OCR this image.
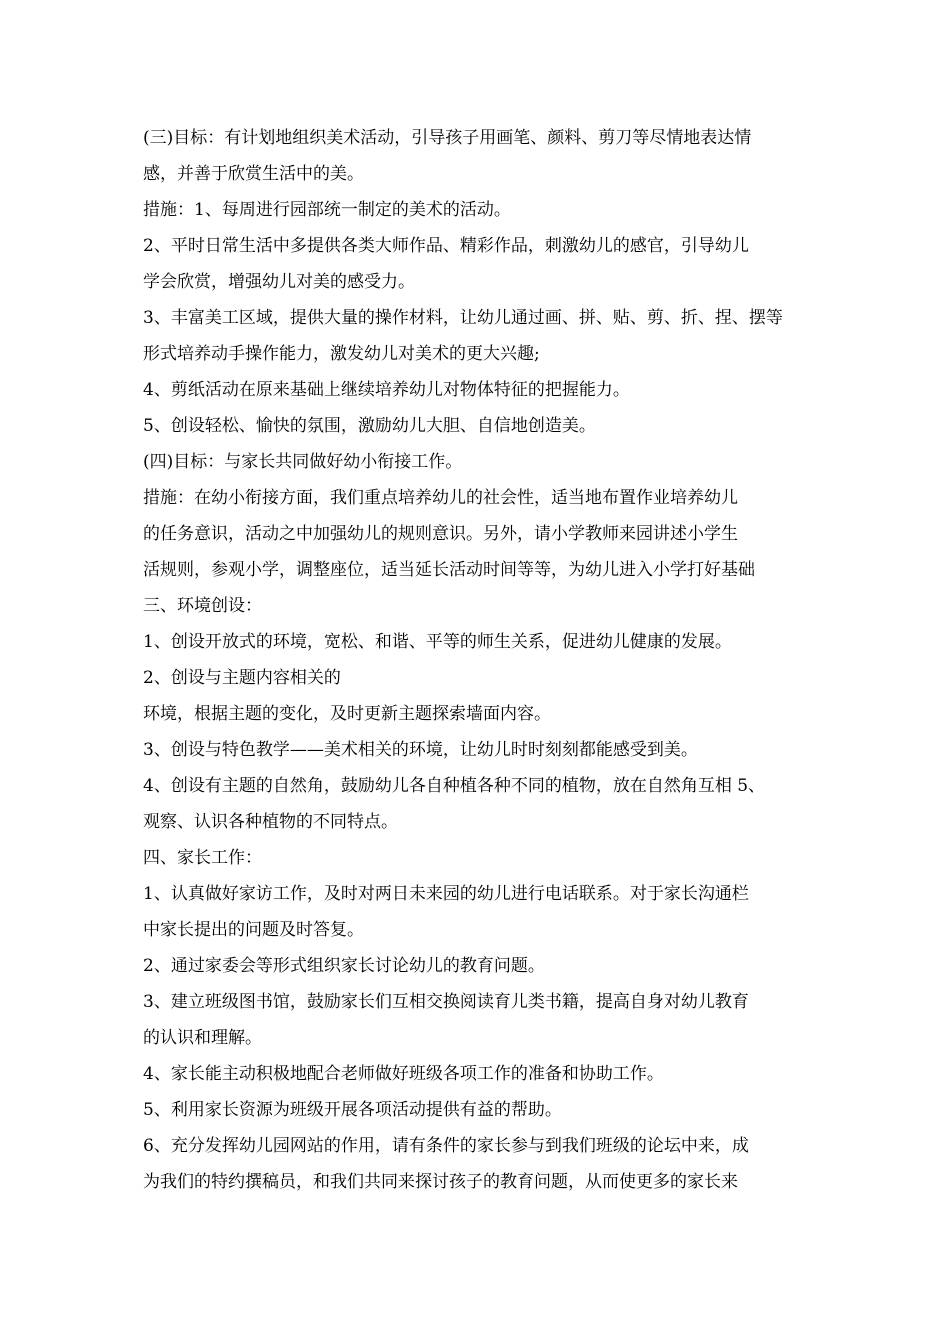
(三)目标：有计划地组织美术活动，引导孩子用画笔、颜料、剪刀等尽情地表达情
感，并善于欣赏生活中的美。
措施：1、每周进行园部统一制定的美术的活动。
2、平时日常生活中多提供各类大师作品、精彩作品，刺激幼儿的感官，引导幼儿
学会欣赏，增强幼儿对美的感受力。
3、丰富美工区域，提供大量的操作材料，让幼儿通过画、拼、贴、剪、折、捏、摆等
形式培养动手操作能力，激发幼儿对美术的更大兴趣;
4、剪纸活动在原来基础上继续培养幼儿对物体特征的把握能力。
5、创设轻松、愉快的氛围，激励幼儿大胆、自信地创造美。
(四)目标：与家长共同做好幼小衔接工作。
措施：在幼小衔接方面，我们重点培养幼儿的社会性，适当地布置作业培养幼儿
的任务意识，活动之中加强幼儿的规则意识。另外，请小学教师来园讲述小学生
活规则，参观小学，调整座位，适当延长活动时间等等，为幼儿进入小学打好基础
三、环境创设：
1、创设开放式的环境，宽松、和谐、平等的师生关系，促进幼儿健康的发展。
2、创设与主题内容相关的
环境，根据主题的变化，及时更新主题探索墙面内容。
3、创设与特色教学——美术相关的环境，让幼儿时时刻刻都能感受到美。
4、创设有主题的自然角，鼓励幼儿各自种植各种不同的植物，放在自然角互相 5、
观察、认识各种植物的不同特点。
四、家长工作：
1、认真做好家访工作，及时对两日未来园的幼儿进行电话联系。对于家长沟通栏
中家长提出的问题及时答复。
2、通过家委会等形式组织家长讨论幼儿的教育问题。
3、建立班级图书馆，鼓励家长们互相交换阅读育儿类书籍，提高自身对幼儿教育
的认识和理解。
4、家长能主动积极地配合老师做好班级各项工作的准备和协助工作。
5、利用家长资源为班级开展各项活动提供有益的帮助。
6、充分发挥幼儿园网站的作用，请有条件的家长参与到我们班级的论坛中来，成
为我们的特约撰稿员，和我们共同来探讨孩子的教育问题，从而使更多的家长来
